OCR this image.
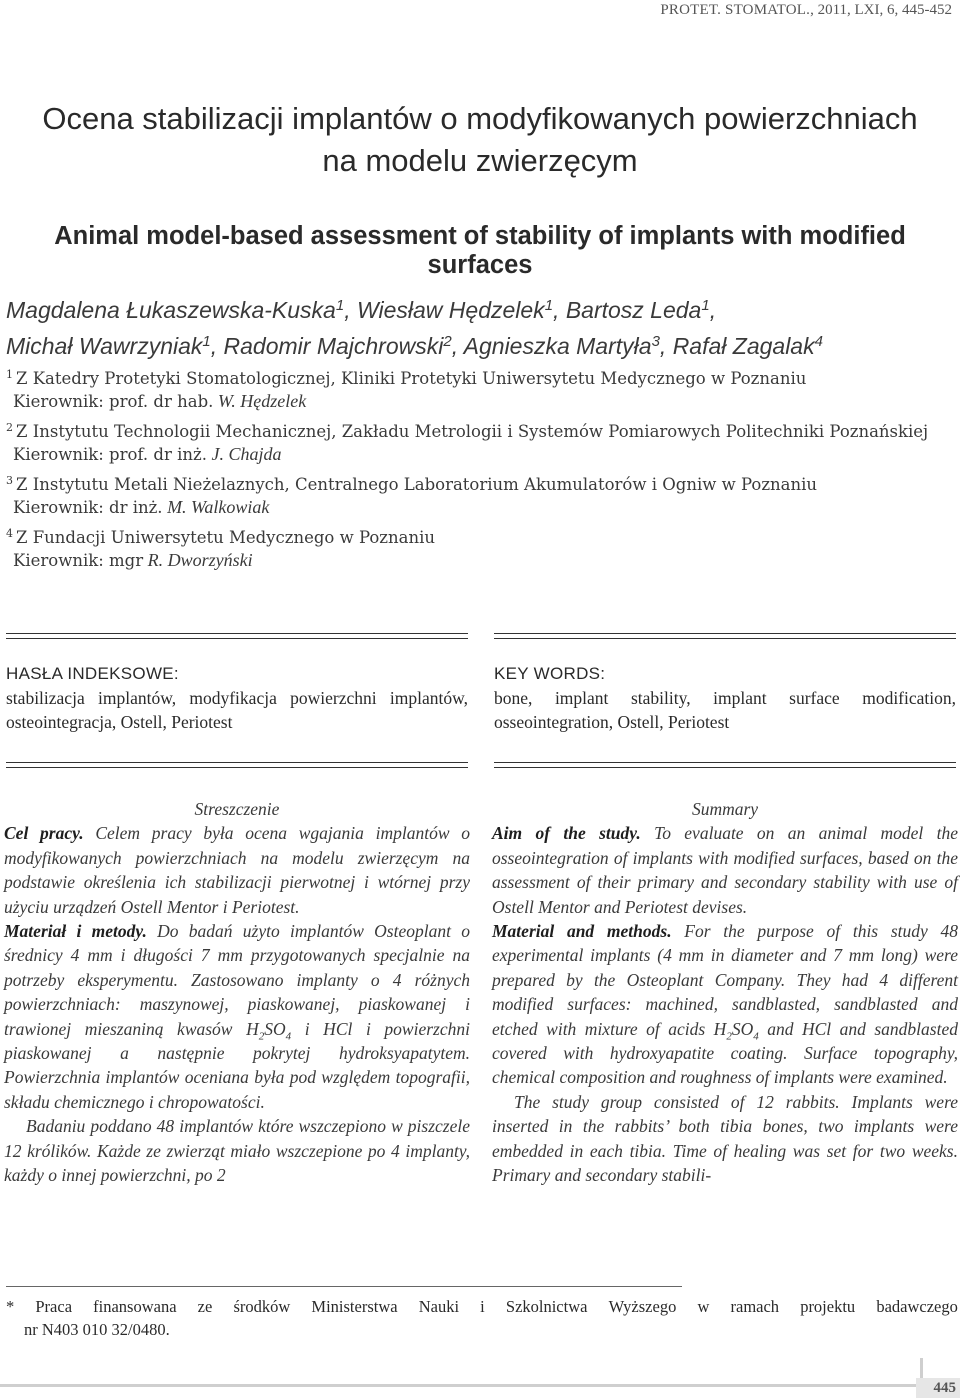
PROTET. STOMATOL., 2011, LXI, 6, 445-452
Ocena stabilizacji implantów o modyfikowanych powierzchniach
na modelu zwierzęcym
Animal model-based assessment of stability of implants with modified surfaces
Magdalena Łukaszewska-Kuska$^1$, Wiesław Hędzelek$^1$, Bartosz Leda$^1$,
Michał Wawrzyniak$^1$, Radomir Majchrowski$^2$, Agnieszka Martyła$^3$, Rafał Zagalak$^4$
$^1$ Z Katedry Protetyki Stomatologicznej, Kliniki Protetyki Uniwersytetu Medycznego w Poznaniu
Kierownik: prof. dr hab. W. Hędzelek
$^2$ Z Instytutu Technologii Mechanicznej, Zakładu Metrologii i Systemów Pomiarowych Politechniki Poznańskiej
Kierownik: prof. dr inż. J. Chajda
$^3$ Z Instytutu Metali Nieżelaznych, Centralnego Laboratorium Akumulatorów i Ogniw w Poznaniu
Kierownik: dr inż. M. Walkowiak
$^4$ Z Fundacji Uniwersytetu Medycznego w Poznaniu
Kierownik: mgr R. Dworzyński
HASŁA INDEKSOWE:
stabilizacja implantów, modyfikacja powierzchni implantów, osteointegracja, Ostell, Periotest
KEY WORDS:
bone, implant stability, implant surface modification, osseointegration, Ostell, Periotest
Streszczenie

Cel pracy. Celem pracy była ocena wgajania implantów o modyfikowanych powierzchniach na modelu zwierzęcym na podstawie określenia ich stabilizacji pierwotnej i wtórnej przy użyciu urządzeń Ostell Mentor i Periotest.

Materiał i metody. Do badań użyto implantów Osteoplant o średnicy 4 mm i długości 7 mm przygotowanych specjalnie na potrzeby eksperymentu. Zastosowano implanty o 4 różnych powierzchniach: maszynowej, piaskowanej, piaskowanej i trawionej mieszaniną kwasów $H_2SO_4$ i HCl i powierzchni piaskowanej a następnie pokrytej hydroksyapatytem. Powierzchnia implantów oceniana była pod względem topografii, składu chemicznego i chropowatości.

Badaniu poddano 48 implantów które wszczepiono w piszczele 12 królików. Każde ze zwierząt miało wszczepione po 4 implanty, każdy o innej powierzchni, po 2

Summary

Aim of the study. To evaluate on an animal model the osseointegration of implants with modified surfaces, based on the assessment of their primary and secondary stability with use of Ostell Mentor and Periotest devises.

Material and methods. For the purpose of this study 48 experimental implants (4 mm in diameter and 7 mm long) were prepared by the Osteoplant Company. They had 4 different modified surfaces: machined, sandblasted, sandblasted and etched with mixture of acids $H_2SO_4$ and HCl and sandblasted covered with hydroxyapatite coating. Surface topography, chemical composition and roughness of implants were examined.

The study group consisted of 12 rabbits. Implants were inserted in the rabbits’ both tibia bones, two implants were embedded in each tibia. Time of healing was set for two weeks. Primary and secondary stabili-

* Praca finansowana ze środków Ministerstwa Nauki i Szkolnictwa Wyższego w ramach projektu badawczego
nr N403 010 32/0480.
445
